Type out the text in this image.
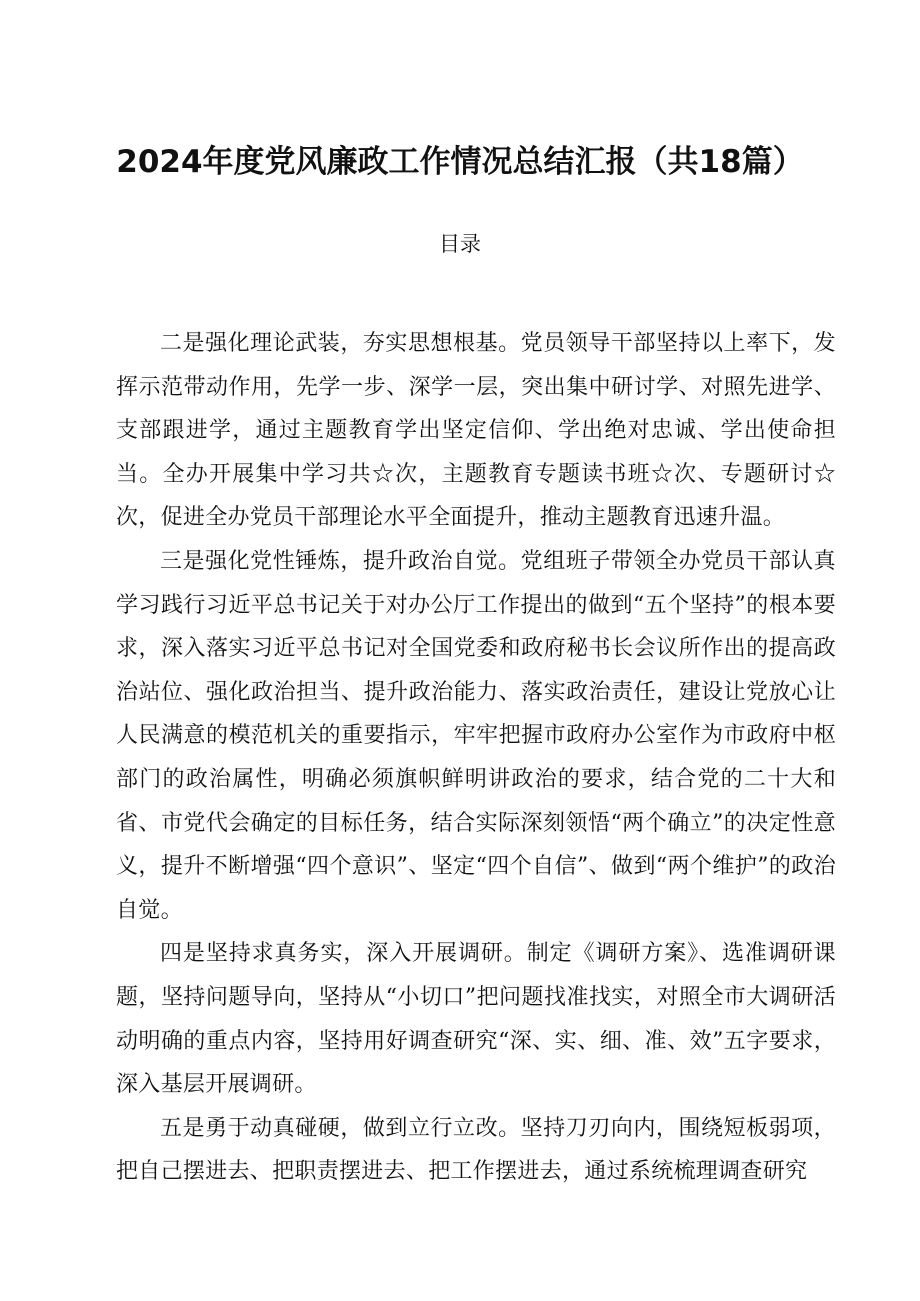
2024年度党风廉政工作情况总结汇报（共18篇）
目录

二是强化理论武装，夯实思想根基。党员领导干部坚持以上率下，发挥示范带动作用，先学一步、深学一层，突出集中研讨学、对照先进学、支部跟进学，通过主题教育学出坚定信仰、学出绝对忠诚、学出使命担当。全办开展集中学习共☆次，主题教育专题读书班☆次、专题研讨☆次，促进全办党员干部理论水平全面提升，推动主题教育迅速升温。

三是强化党性锤炼，提升政治自觉。党组班子带领全办党员干部认真学习践行习近平总书记关于对办公厅工作提出的做到“五个坚持”的根本要求，深入落实习近平总书记对全国党委和政府秘书长会议所作出的提高政治站位、强化政治担当、提升政治能力、落实政治责任，建设让党放心让人民满意的模范机关的重要指示，牢牢把握市政府办公室作为市政府中枢部门的政治属性，明确必须旗帜鲜明讲政治的要求，结合党的二十大和省、市党代会确定的目标任务，结合实际深刻领悟“两个确立”的决定性意义，提升不断增强“四个意识”、坚定“四个自信”、做到“两个维护”的政治自觉。

四是坚持求真务实，深入开展调研。制定《调研方案》、选准调研课题，坚持问题导向，坚持从“小切口”把问题找准找实，对照全市大调研活动明确的重点内容，坚持用好调查研究“深、实、细、准、效”五字要求，深入基层开展调研。

五是勇于动真碰硬，做到立行立改。坚持刀刃向内，围绕短板弱项，把自己摆进去、把职责摆进去、把工作摆进去，通过系统梳理调查研究
